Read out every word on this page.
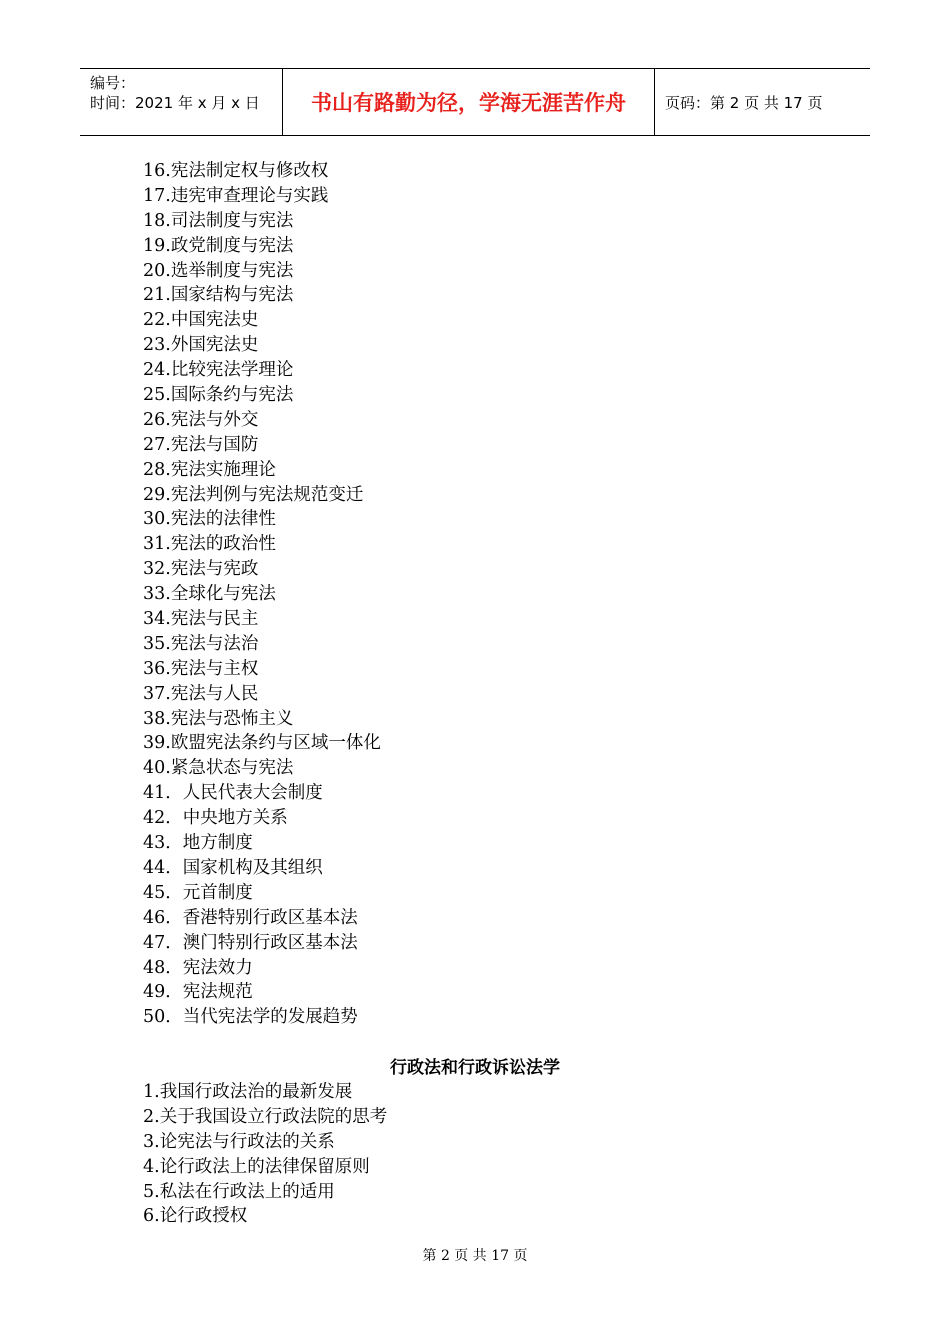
编号：
时间：2021 年 x 月 x 日	书山有路勤为径，学海无涯苦作舟	页码：第 2 页 共 17 页
16.宪法制定权与修改权
17.违宪审查理论与实践
18.司法制度与宪法
19.政党制度与宪法
20.选举制度与宪法
21.国家结构与宪法
22.中国宪法史
23.外国宪法史
24.比较宪法学理论
25.国际条约与宪法
26.宪法与外交
27.宪法与国防
28.宪法实施理论
29.宪法判例与宪法规范变迁
30.宪法的法律性
31.宪法的政治性
32.宪法与宪政
33.全球化与宪法
34.宪法与民主
35.宪法与法治
36.宪法与主权
37.宪法与人民
38.宪法与恐怖主义
39.欧盟宪法条约与区域一体化
40.紧急状态与宪法
41．人民代表大会制度
42．中央地方关系
43．地方制度
44．国家机构及其组织
45．元首制度
46．香港特别行政区基本法
47．澳门特别行政区基本法
48．宪法效力
49．宪法规范
50．当代宪法学的发展趋势
行政法和行政诉讼法学
1.我国行政法治的最新发展
2.关于我国设立行政法院的思考
3.论宪法与行政法的关系
4.论行政法上的法律保留原则
5.私法在行政法上的适用
6.论行政授权
第 2 页 共 17 页
